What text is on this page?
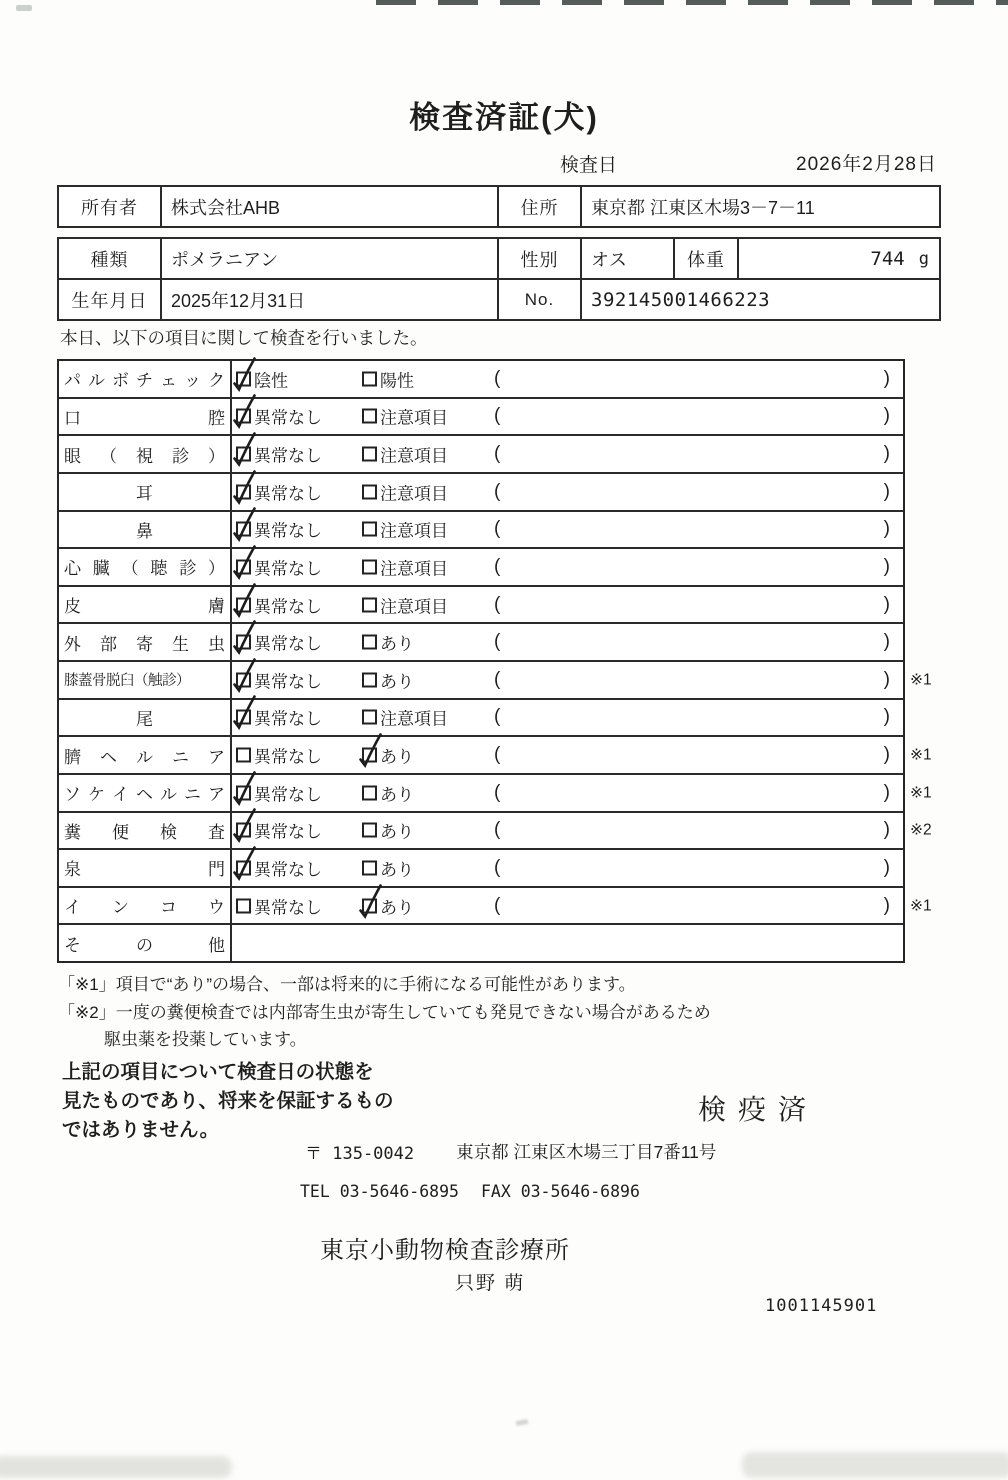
検査済証(犬)
検査日	2026年2月28日
所有者	株式会社AHB	住所	東京都 江東区木場3－7－11
種類	ポメラニアン	性別	オス	体重	744 g
生年月日	2025年12月31日	No.	392145001466223
本日、以下の項目に関して検査を行いました。
パ ル ボ チ ェ ッ ク 陰性	陽性	(	)
口 腔 異常なし	注意項目 (	)
眼 （ 視 診 ） 異常なし	注意項目 (	)
耳	異常なし	注意項目 (	)
鼻	異常なし	注意項目 (	)
心 臓 （ 聴 診 ） 異常なし	注意項目 (	)
皮 膚 異常なし	注意項目 (	)
外 部 寄 生 虫 異常なし	あり	(	)
膝蓋骨脱臼（触診）	異常なし	あり	(	)	※1
尾	異常なし	注意項目 (	)
臍 ヘ ル ニ ア 異常なし	あり	(	)	※1
ソ ケ イ ヘ ル ニ ア 異常なし	あり	(	)	※1
糞 便 検 査 異常なし	あり	(	)	※2
泉 門 異常なし	あり	(	)
イ ン コ ウ 異常なし	あり	(	)	※1
そ の 他
「※1」項目で“あり”の場合、一部は将来的に手術になる可能性があります。
「※2」一度の糞便検査では内部寄生虫が寄生していても発見できない場合があるため
駆虫薬を投薬しています。
上記の項目について検査日の状態を
見たものであり、将来を保証するもの
ではありません。
検疫済
〒 135-0042 東京都 江東区木場三丁目7番11号
TEL 03-5646-6895 FAX 03-5646-6896
東京小動物検査診療所
只野 萌
1001145901
